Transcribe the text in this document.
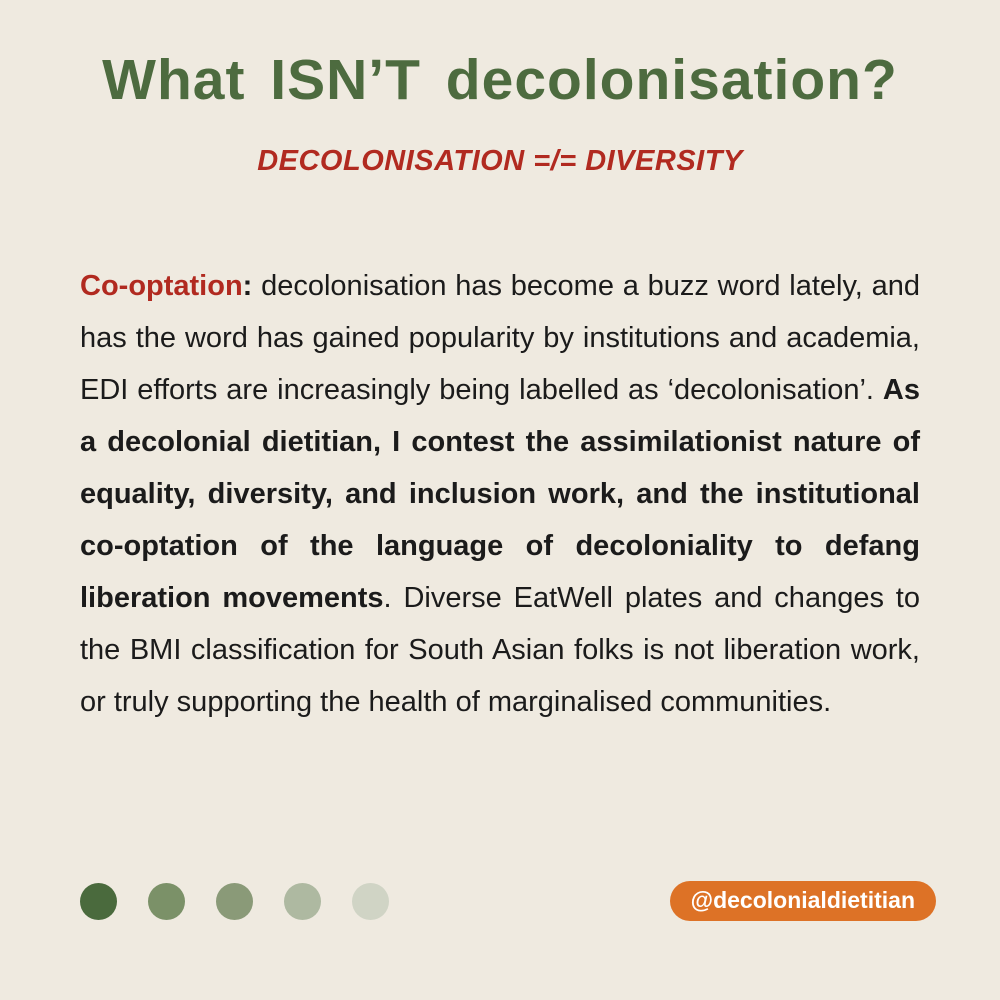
What ISN’T decolonisation?
DECOLONISATION =/= DIVERSITY

Co-optation: decolonisation has become a buzz word lately, and has the word has gained popularity by institutions and academia, EDI efforts are increasingly being labelled as ‘decolonisation’. As a decolonial dietitian, I contest the assimilationist nature of equality, diversity, and inclusion work, and the institutional co-optation of the language of decoloniality to defang liberation movements. Diverse EatWell plates and changes to the BMI classification for South Asian folks is not liberation work, or truly supporting the health of marginalised communities.

@decolonialdietitian
